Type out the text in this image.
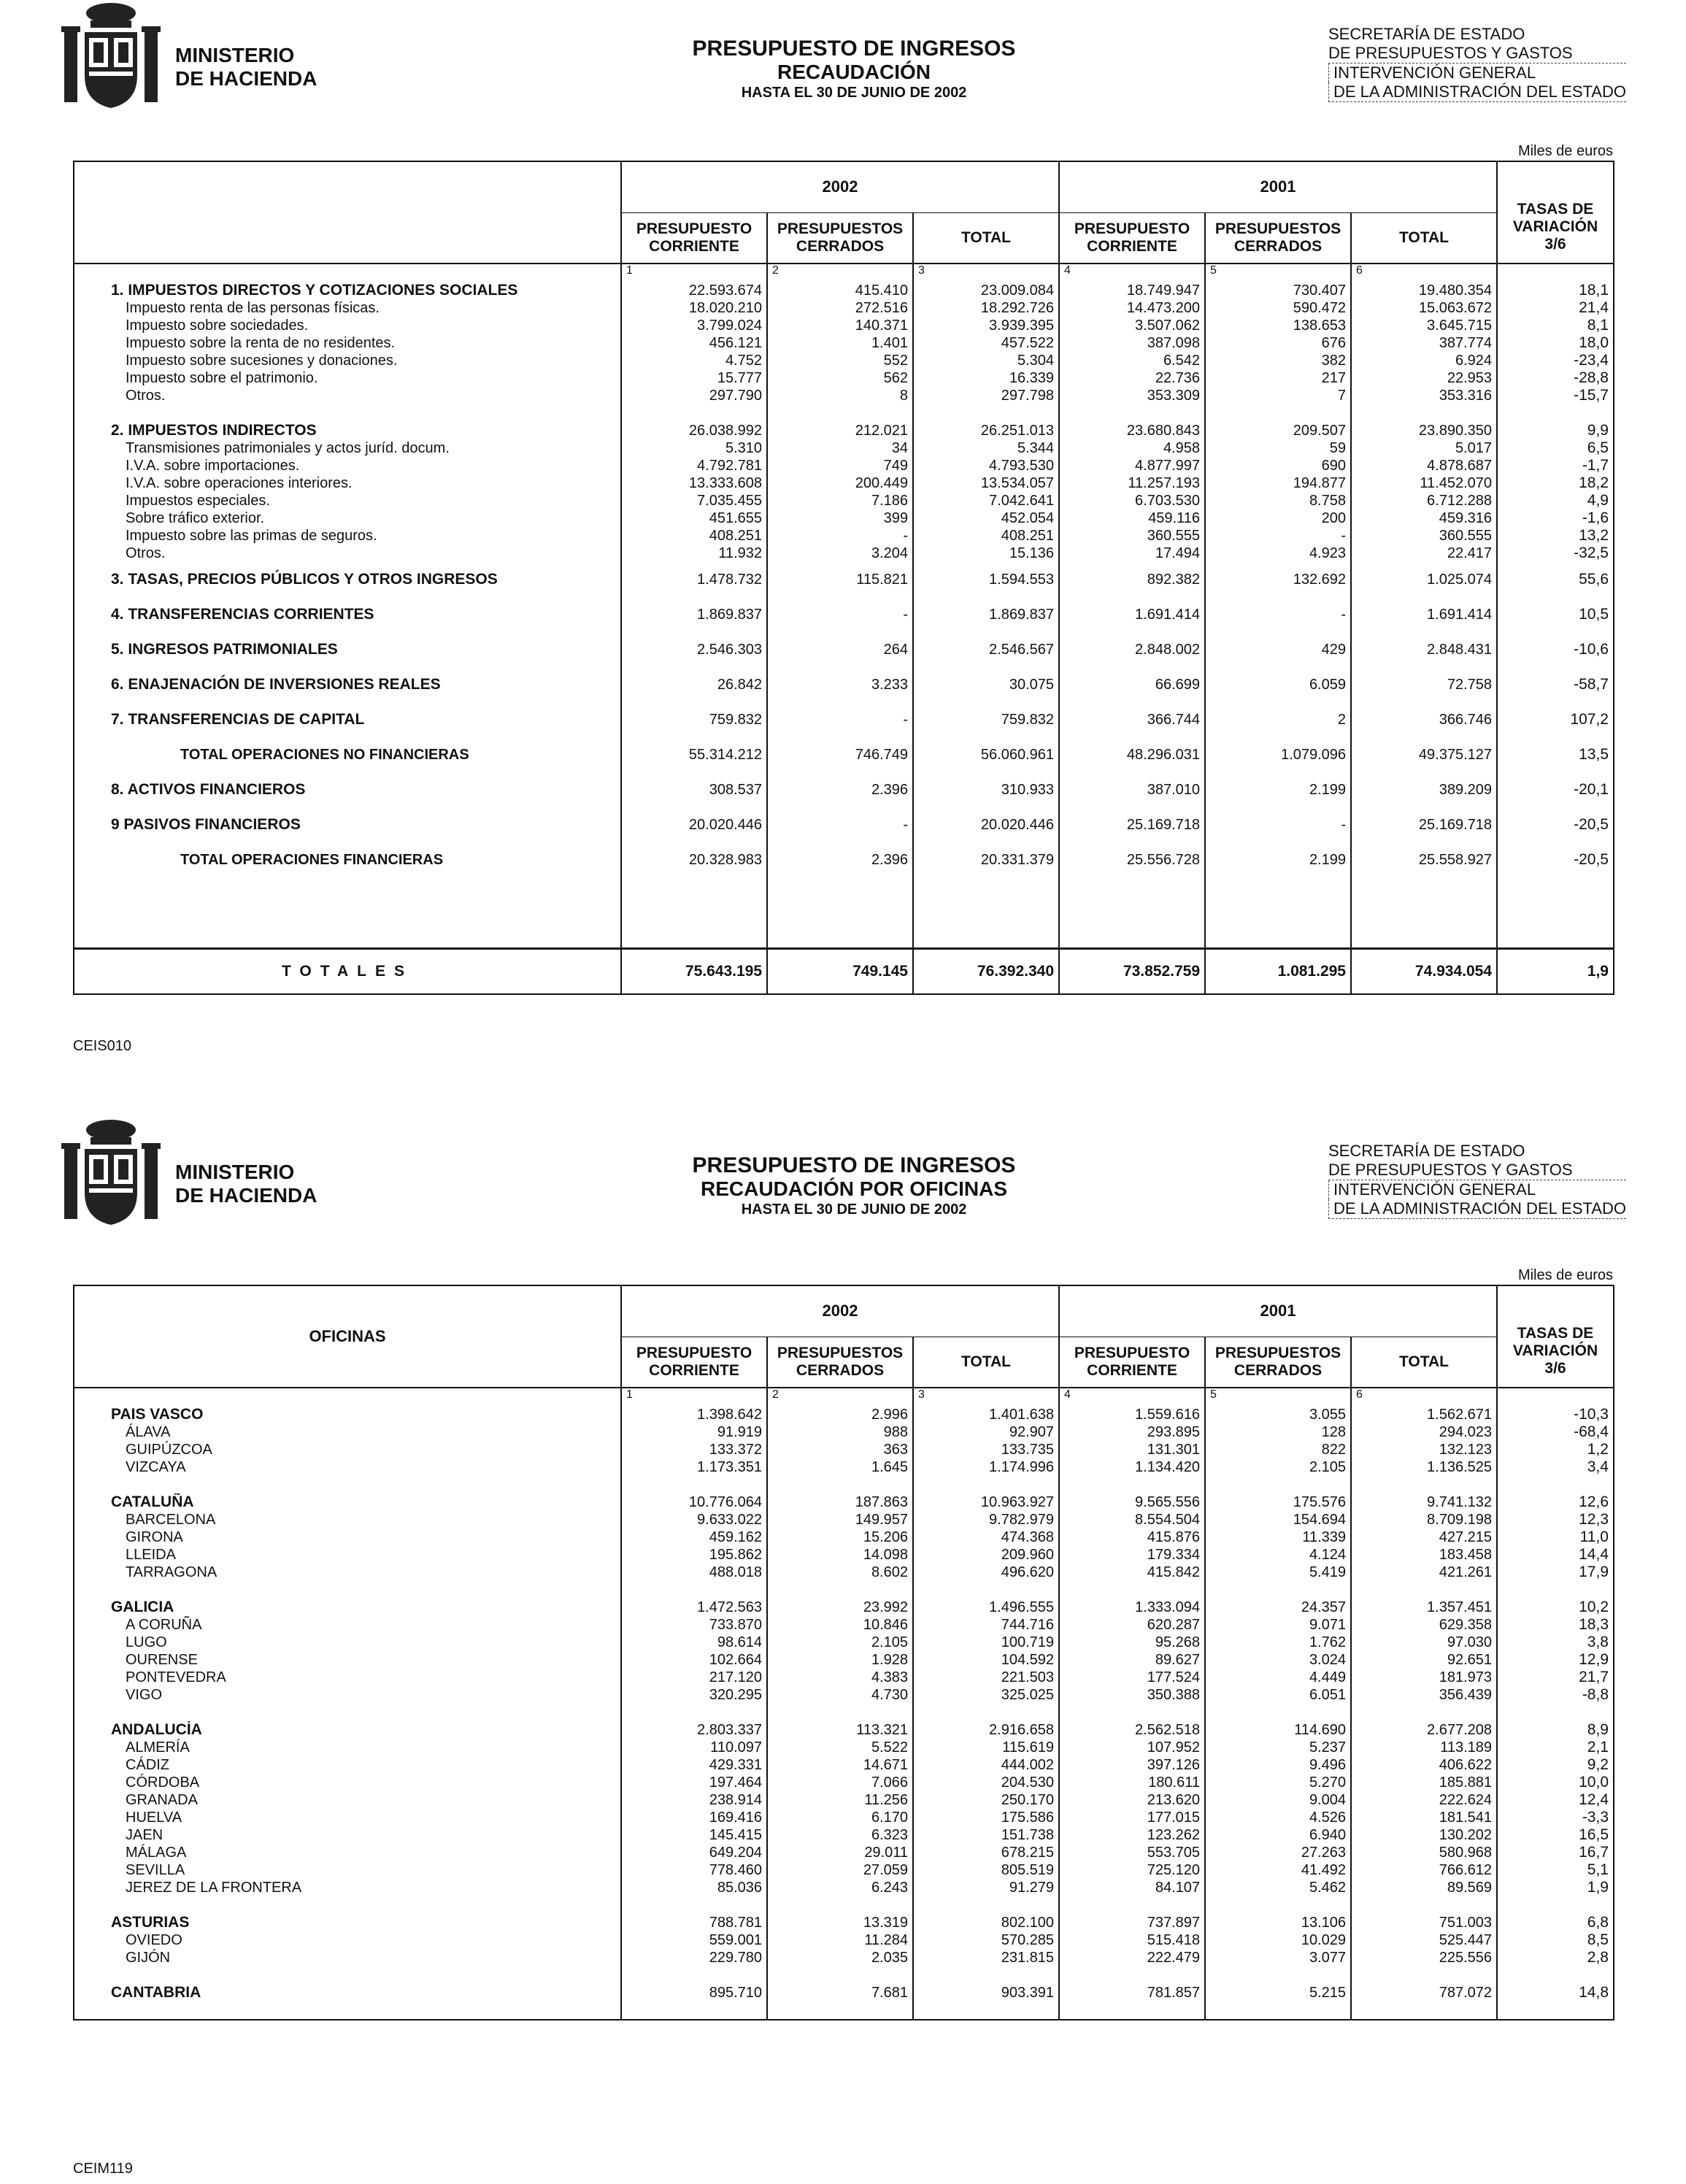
MINISTERIO
DE HACIENDA
PRESUPUESTO DE INGRESOS
RECAUDACIÓN
HASTA EL 30 DE JUNIO DE 2002
SECRETARÍA DE ESTADO
DE PRESUPUESTOS Y GASTOS
INTERVENCIÓN GENERAL
DE LA ADMINISTRACIÓN DEL ESTADO
Miles de euros
	2002			2001			TASAS DE VARIACIÓN 3/6
	PRESUPUESTO CORRIENTE	PRESUPUESTOS CERRADOS	TOTAL	PRESUPUESTO CORRIENTE	PRESUPUESTOS CERRADOS	TOTAL	
	1	2	3	4	5	6	
1. IMPUESTOS DIRECTOS Y COTIZACIONES SOCIALES	22.593.674	415.410	23.009.084	18.749.947	730.407	19.480.354	18,1
Impuesto renta de las personas físicas.	18.020.210	272.516	18.292.726	14.473.200	590.472	15.063.672	21,4
Impuesto sobre sociedades.	3.799.024	140.371	3.939.395	3.507.062	138.653	3.645.715	8,1
Impuesto sobre la renta de no residentes.	456.121	1.401	457.522	387.098	676	387.774	18,0
Impuesto sobre sucesiones y donaciones.	4.752	552	5.304	6.542	382	6.924	-23,4
Impuesto sobre el patrimonio.	15.777	562	16.339	22.736	217	22.953	-28,8
Otros.	297.790	8	297.798	353.309	7	353.316	-15,7

2. IMPUESTOS INDIRECTOS	26.038.992	212.021	26.251.013	23.680.843	209.507	23.890.350	9,9
Transmisiones patrimoniales y actos juríd. docum.	5.310	34	5.344	4.958	59	5.017	6,5
I.V.A. sobre importaciones.	4.792.781	749	4.793.530	4.877.997	690	4.878.687	-1,7
I.V.A. sobre operaciones interiores.	13.333.608	200.449	13.534.057	11.257.193	194.877	11.452.070	18,2
Impuestos especiales.	7.035.455	7.186	7.042.641	6.703.530	8.758	6.712.288	4,9
Sobre tráfico exterior.	451.655	399	452.054	459.116	200	459.316	-1,6
Impuesto sobre las primas de seguros.	408.251	-	408.251	360.555	-	360.555	13,2
Otros.	11.932	3.204	15.136	17.494	4.923	22.417	-32,5
3. TASAS, PRECIOS PÚBLICOS Y OTROS INGRESOS	1.478.732	115.821	1.594.553	892.382	132.692	1.025.074	55,6
4. TRANSFERENCIAS CORRIENTES	1.869.837	-	1.869.837	1.691.414	-	1.691.414	10,5
5. INGRESOS PATRIMONIALES	2.546.303	264	2.546.567	2.848.002	429	2.848.431	-10,6
6. ENAJENACIÓN DE INVERSIONES REALES	26.842	3.233	30.075	66.699	6.059	72.758	-58,7
7. TRANSFERENCIAS DE CAPITAL	759.832	-	759.832	366.744	2	366.746	107,2
TOTAL OPERACIONES NO FINANCIERAS	55.314.212	746.749	56.060.961	48.296.031	1.079.096	49.375.127	13,5
8. ACTIVOS FINANCIEROS	308.537	2.396	310.933	387.010	2.199	389.209	-20,1
9 PASIVOS FINANCIEROS	20.020.446	-	20.020.446	25.169.718	-	25.169.718	-20,5
TOTAL OPERACIONES FINANCIERAS	20.328.983	2.396	20.331.379	25.556.728	2.199	25.558.927	-20,5

TOTALES	75.643.195	749.145	76.392.340	73.852.759	1.081.295	74.934.054	1,9
CEIS010
MINISTERIO
DE HACIENDA
PRESUPUESTO DE INGRESOS
RECAUDACIÓN POR OFICINAS
HASTA EL 30 DE JUNIO DE 2002
SECRETARÍA DE ESTADO
DE PRESUPUESTOS Y GASTOS
INTERVENCIÓN GENERAL
DE LA ADMINISTRACIÓN DEL ESTADO
Miles de euros
OFICINAS	2002			2001			TASAS DE VARIACIÓN 3/6
	PRESUPUESTO CORRIENTE	PRESUPUESTOS CERRADOS	TOTAL	PRESUPUESTO CORRIENTE	PRESUPUESTOS CERRADOS	TOTAL	
	1	2	3	4	5	6	
PAIS VASCO	1.398.642	2.996	1.401.638	1.559.616	3.055	1.562.671	-10,3
ÁLAVA	91.919	988	92.907	293.895	128	294.023	-68,4
GUIPÚZCOA	133.372	363	133.735	131.301	822	132.123	1,2
VIZCAYA	1.173.351	1.645	1.174.996	1.134.420	2.105	1.136.525	3,4

CATALUÑA	10.776.064	187.863	10.963.927	9.565.556	175.576	9.741.132	12,6
BARCELONA	9.633.022	149.957	9.782.979	8.554.504	154.694	8.709.198	12,3
GIRONA	459.162	15.206	474.368	415.876	11.339	427.215	11,0
LLEIDA	195.862	14.098	209.960	179.334	4.124	183.458	14,4
TARRAGONA	488.018	8.602	496.620	415.842	5.419	421.261	17,9

GALICIA	1.472.563	23.992	1.496.555	1.333.094	24.357	1.357.451	10,2
A CORUÑA	733.870	10.846	744.716	620.287	9.071	629.358	18,3
LUGO	98.614	2.105	100.719	95.268	1.762	97.030	3,8
OURENSE	102.664	1.928	104.592	89.627	3.024	92.651	12,9
PONTEVEDRA	217.120	4.383	221.503	177.524	4.449	181.973	21,7
VIGO	320.295	4.730	325.025	350.388	6.051	356.439	-8,8

ANDALUCÍA	2.803.337	113.321	2.916.658	2.562.518	114.690	2.677.208	8,9
ALMERÍA	110.097	5.522	115.619	107.952	5.237	113.189	2,1
CÁDIZ	429.331	14.671	444.002	397.126	9.496	406.622	9,2
CÓRDOBA	197.464	7.066	204.530	180.611	5.270	185.881	10,0
GRANADA	238.914	11.256	250.170	213.620	9.004	222.624	12,4
HUELVA	169.416	6.170	175.586	177.015	4.526	181.541	-3,3
JAEN	145.415	6.323	151.738	123.262	6.940	130.202	16,5
MÁLAGA	649.204	29.011	678.215	553.705	27.263	580.968	16,7
SEVILLA	778.460	27.059	805.519	725.120	41.492	766.612	5,1
JEREZ DE LA FRONTERA	85.036	6.243	91.279	84.107	5.462	89.569	1,9

ASTURIAS	788.781	13.319	802.100	737.897	13.106	751.003	6,8
OVIEDO	559.001	11.284	570.285	515.418	10.029	525.447	8,5
GIJÓN	229.780	2.035	231.815	222.479	3.077	225.556	2,8

CANTABRIA	895.710	7.681	903.391	781.857	5.215	787.072	14,8

CEIM119
